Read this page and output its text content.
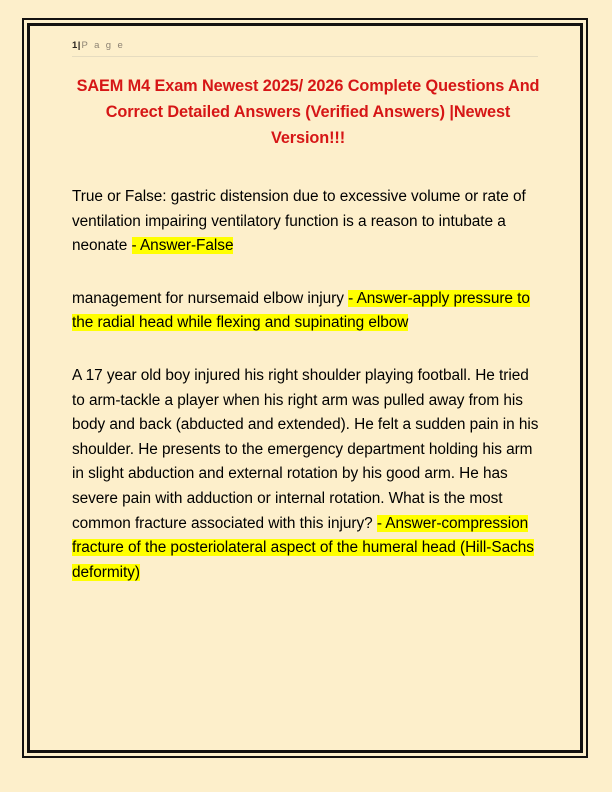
1|P a g e
SAEM M4 Exam Newest 2025/ 2026 Complete Questions And Correct Detailed Answers (Verified Answers) |Newest Version!!!
True or False: gastric distension due to excessive volume or rate of ventilation impairing ventilatory function is a reason to intubate a neonate - Answer-False
management for nursemaid elbow injury - Answer-apply pressure to the radial head while flexing and supinating elbow
A 17 year old boy injured his right shoulder playing football. He tried to arm-tackle a player when his right arm was pulled away from his body and back (abducted and extended). He felt a sudden pain in his shoulder. He presents to the emergency department holding his arm in slight abduction and external rotation by his good arm. He has severe pain with adduction or internal rotation. What is the most common fracture associated with this injury? - Answer-compression fracture of the posteriolateral aspect of the humeral head (Hill-Sachs deformity)
